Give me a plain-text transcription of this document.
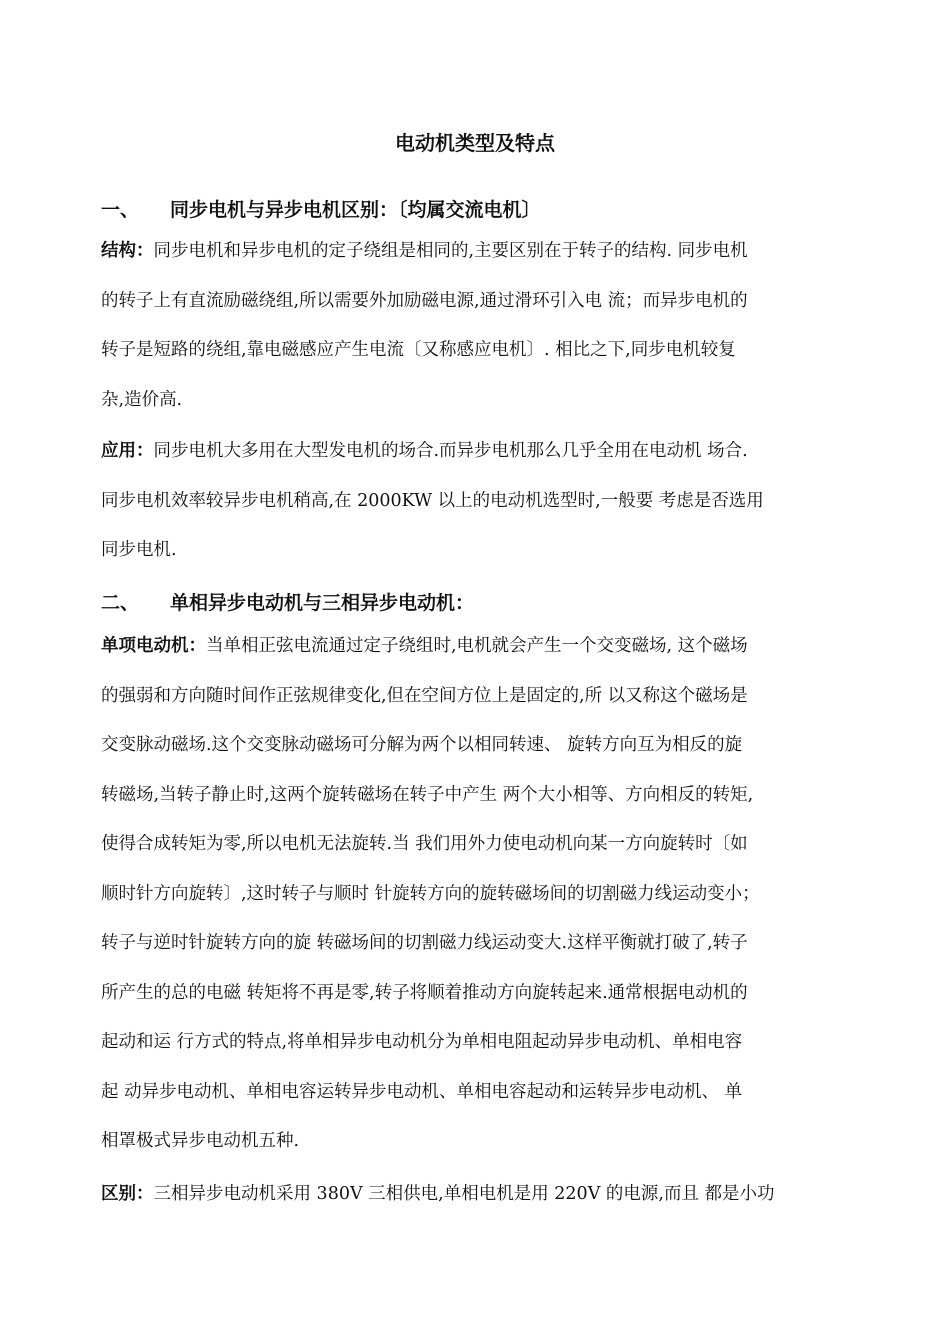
电动机类型及特点
一、 同步电机与异步电机区别：〔均属交流电机〕
结构：同步电机和异步电机的定子绕组是相同的,主要区别在于转子的结构. 同步电机
的转子上有直流励磁绕组,所以需要外加励磁电源,通过滑环引入电 流；而异步电机的
转子是短路的绕组,靠电磁感应产生电流〔又称感应电机〕. 相比之下,同步电机较复
杂,造价高.
应用：同步电机大多用在大型发电机的场合.而异步电机那么几乎全用在电动机 场合.
同步电机效率较异步电机稍高,在 2000KW 以上的电动机选型时,一般要 考虑是否选用
同步电机.
二、 单相异步电动机与三相异步电动机：
单项电动机：当单相正弦电流通过定子绕组时,电机就会产生一个交变磁场, 这个磁场
的强弱和方向随时间作正弦规律变化,但在空间方位上是固定的,所 以又称这个磁场是
交变脉动磁场.这个交变脉动磁场可分解为两个以相同转速、 旋转方向互为相反的旋
转磁场,当转子静止时,这两个旋转磁场在转子中产生 两个大小相等、方向相反的转矩,
使得合成转矩为零,所以电机无法旋转.当 我们用外力使电动机向某一方向旋转时〔如
顺时针方向旋转〕,这时转子与顺时 针旋转方向的旋转磁场间的切割磁力线运动变小；
转子与逆时针旋转方向的旋 转磁场间的切割磁力线运动变大.这样平衡就打破了,转子
所产生的总的电磁 转矩将不再是零,转子将顺着推动方向旋转起来.通常根据电动机的
起动和运 行方式的特点,将单相异步电动机分为单相电阻起动异步电动机、单相电容
起 动异步电动机、单相电容运转异步电动机、单相电容起动和运转异步电动机、 单
相罩极式异步电动机五种.
区别：三相异步电动机采用 380V 三相供电,单相电机是用 220V 的电源,而且 都是小功
